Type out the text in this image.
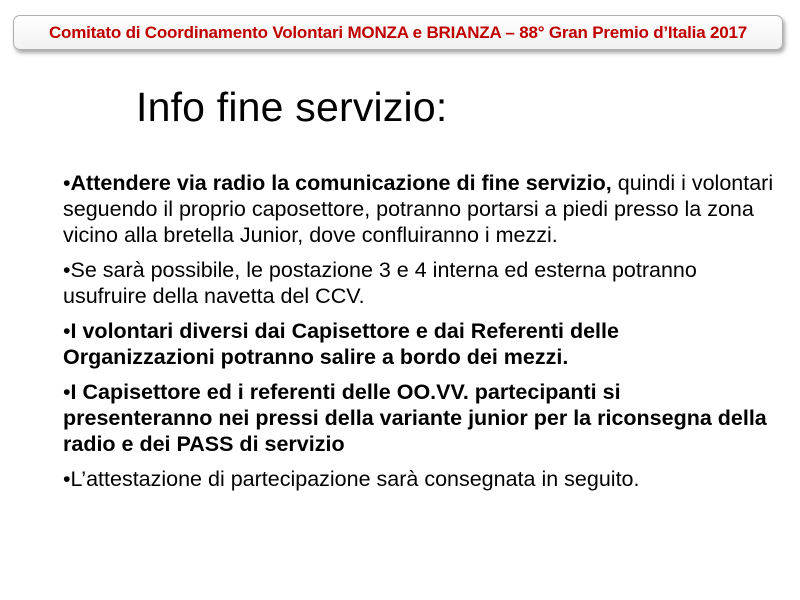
Comitato di Coordinamento Volontari MONZA e BRIANZA – 88° Gran Premio d’Italia 2017
Info fine servizio:
•Attendere via radio la comunicazione di fine servizio, quindi i volontari seguendo il proprio caposettore, potranno portarsi a piedi presso la zona vicino alla bretella Junior, dove confluiranno i mezzi.
•Se sarà possibile, le postazione 3 e 4 interna ed esterna potranno usufruire della navetta del CCV.
•I volontari diversi dai Capisettore e dai Referenti delle Organizzazioni potranno salire a bordo dei mezzi.
•I Capisettore ed i referenti delle OO.VV. partecipanti si presenteranno nei pressi della variante junior per la riconsegna della radio e dei PASS di servizio
•L’attestazione di partecipazione sarà consegnata in seguito.
